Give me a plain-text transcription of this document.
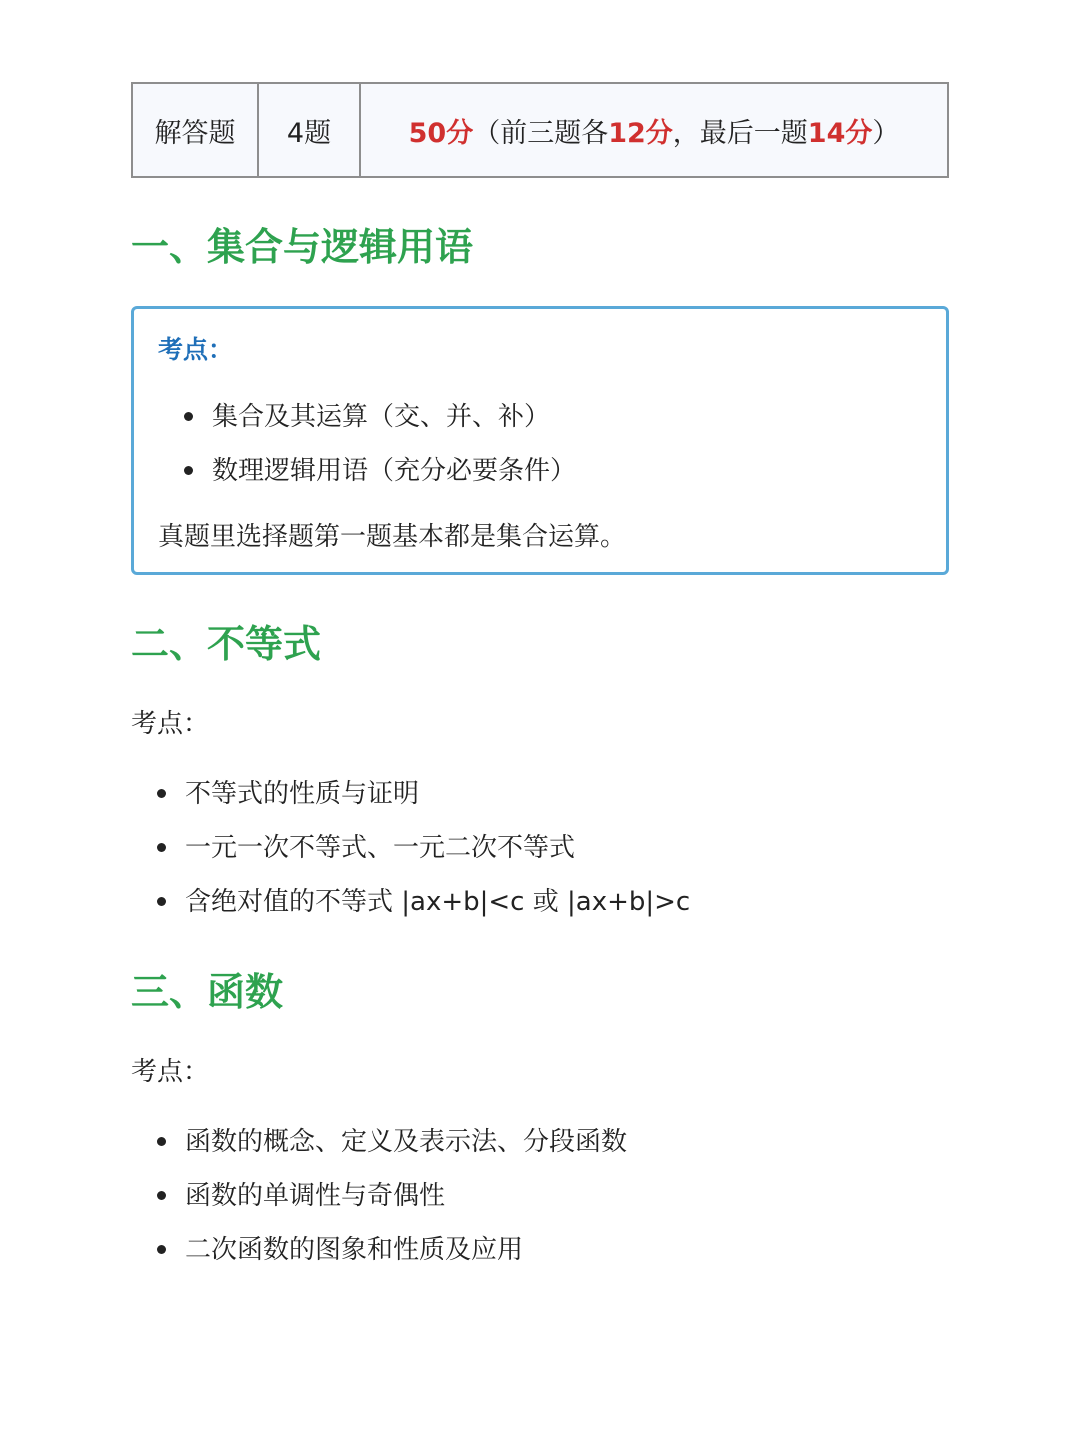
解答题	4题	50分（前三题各12分，最后一题14分）
一、集合与逻辑用语
考点：
集合及其运算（交、并、补）
数理逻辑用语（充分必要条件）
真题里选择题第一题基本都是集合运算。
二、不等式
考点：
不等式的性质与证明
一元一次不等式、一元二次不等式
含绝对值的不等式 |ax+b|<c 或 |ax+b|>c
三、函数
考点：
函数的概念、定义及表示法、分段函数
函数的单调性与奇偶性
二次函数的图象和性质及应用
